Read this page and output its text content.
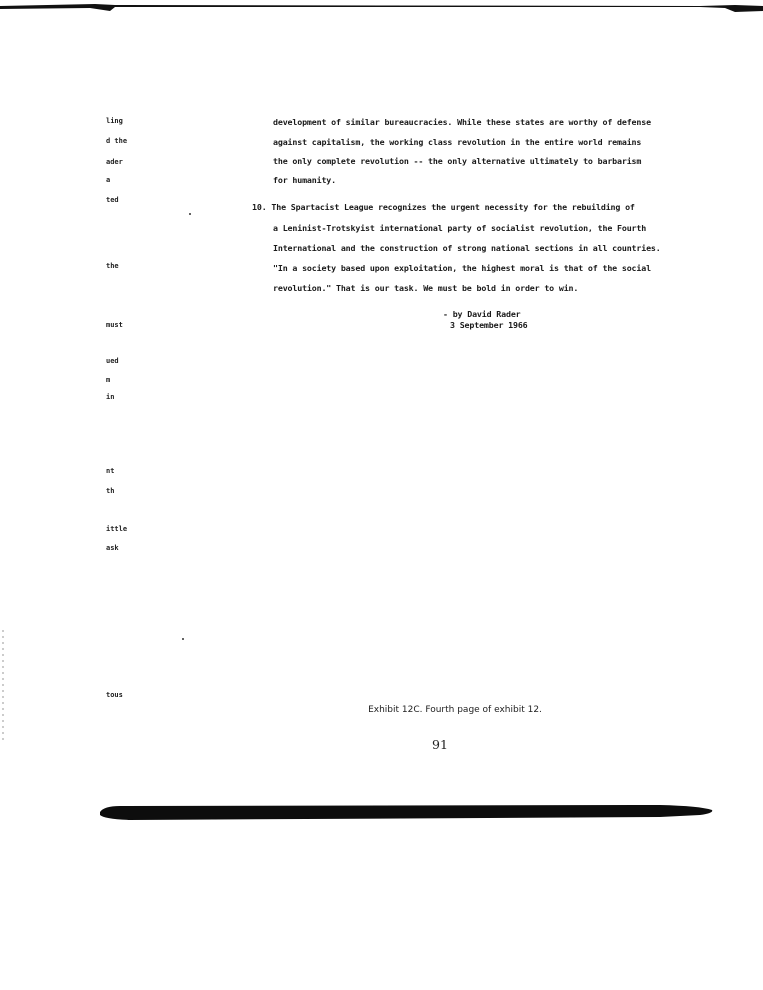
ling
d the
ader
a
ted
the
must
ued
m
in
nt
th
ittle
ask
tous
development of similar bureaucracies. While these states are worthy of defense
against capitalism, the working class revolution in the entire world remains
the only complete revolution -- the only alternative ultimately to barbarism
for humanity.
10. The Spartacist League recognizes the urgent necessity for the rebuilding of
a Leninist-Trotskyist international party of socialist revolution, the Fourth
International and the construction of strong national sections in all countries.
"In a society based upon exploitation, the highest moral is that of the social
revolution." That is our task. We must be bold in order to win.
- by David Rader
3 September 1966
Exhibit 12C. Fourth page of exhibit 12.
91
